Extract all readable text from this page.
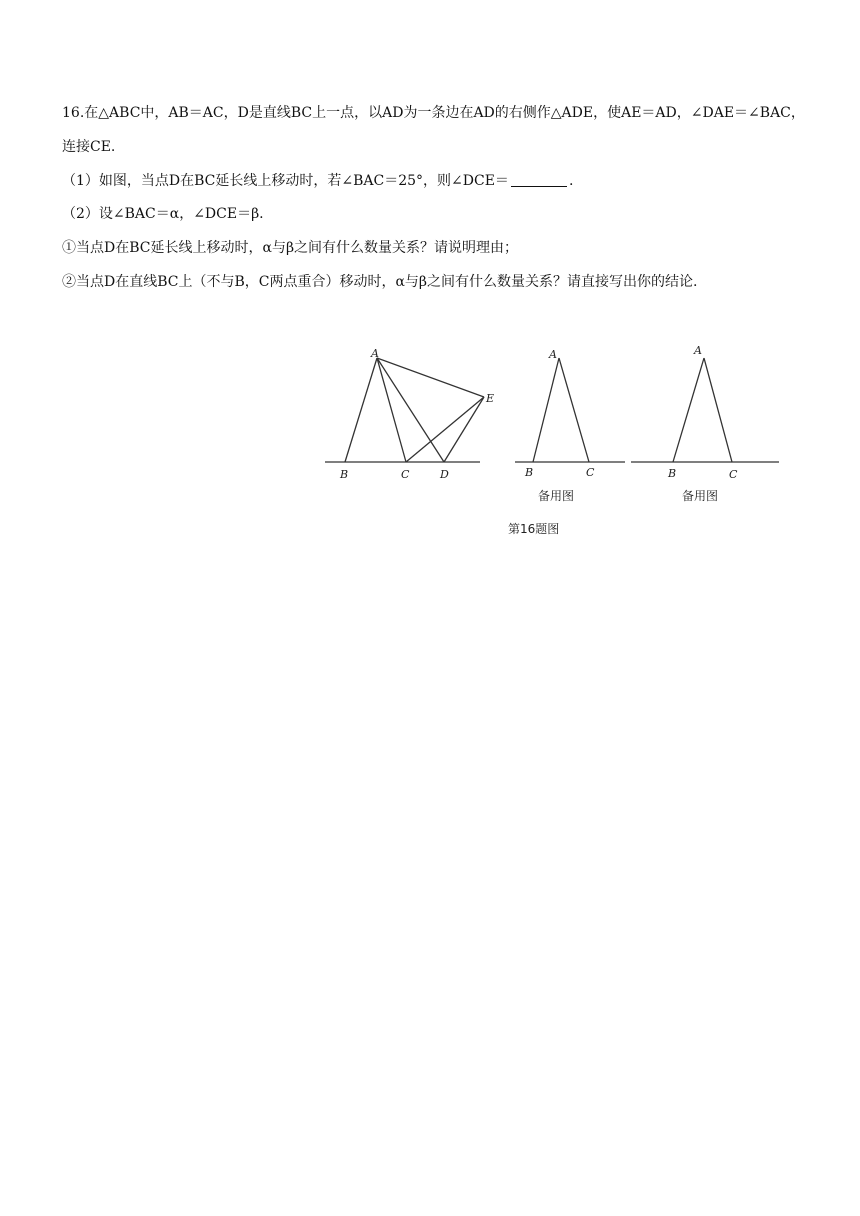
16.在△ABC中，AB＝AC，D是直线BC上一点，以AD为一条边在AD的右侧作△ADE，使AE＝AD，∠DAE＝∠BAC，

连接CE.

（1）如图，当点D在BC延长线上移动时，若∠BAC＝25°，则∠DCE＝	.

（2）设∠BAC＝α，∠DCE＝β.

①当点D在BC延长线上移动时，α与β之间有什么数量关系？请说明理由；

②当点D在直线BC上（不与B，C两点重合）移动时，α与β之间有什么数量关系？请直接写出你的结论.

A
B	C	D
E
A
B	C

备用图

A
B	C

备用图

第16题图
